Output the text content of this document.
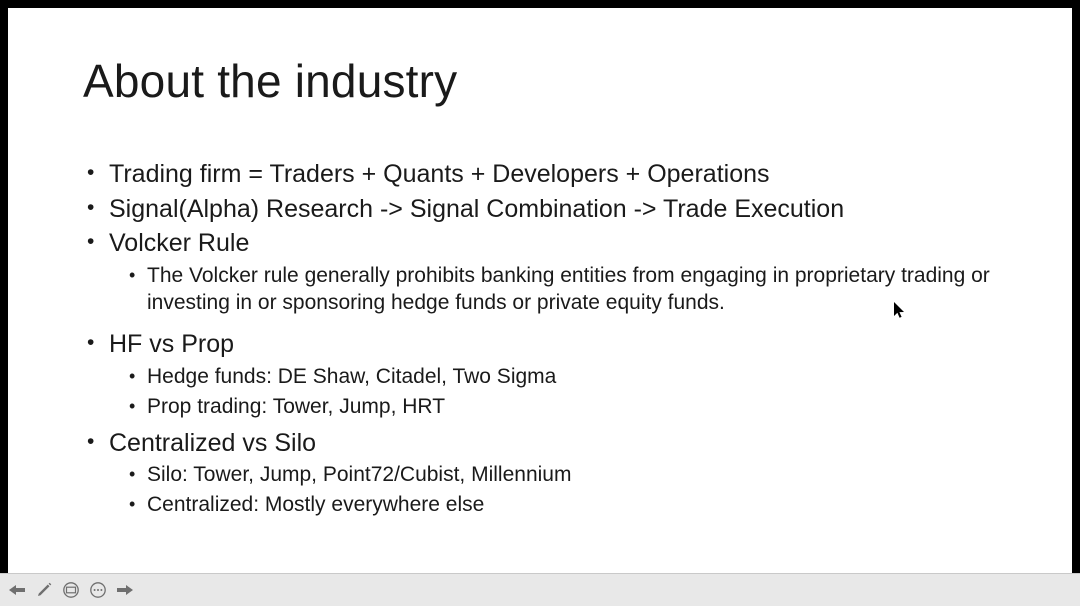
About the industry
• Trading firm = Traders + Quants + Developers + Operations
• Signal(Alpha) Research -> Signal Combination -> Trade Execution
• Volcker Rule
• The Volcker rule generally prohibits banking entities from engaging in proprietary trading or investing in or sponsoring hedge funds or private equity funds.
• HF vs Prop
• Hedge funds: DE Shaw, Citadel, Two Sigma
• Prop trading: Tower, Jump, HRT
• Centralized vs Silo
• Silo: Tower, Jump, Point72/Cubist, Millennium
• Centralized: Mostly everywhere else
